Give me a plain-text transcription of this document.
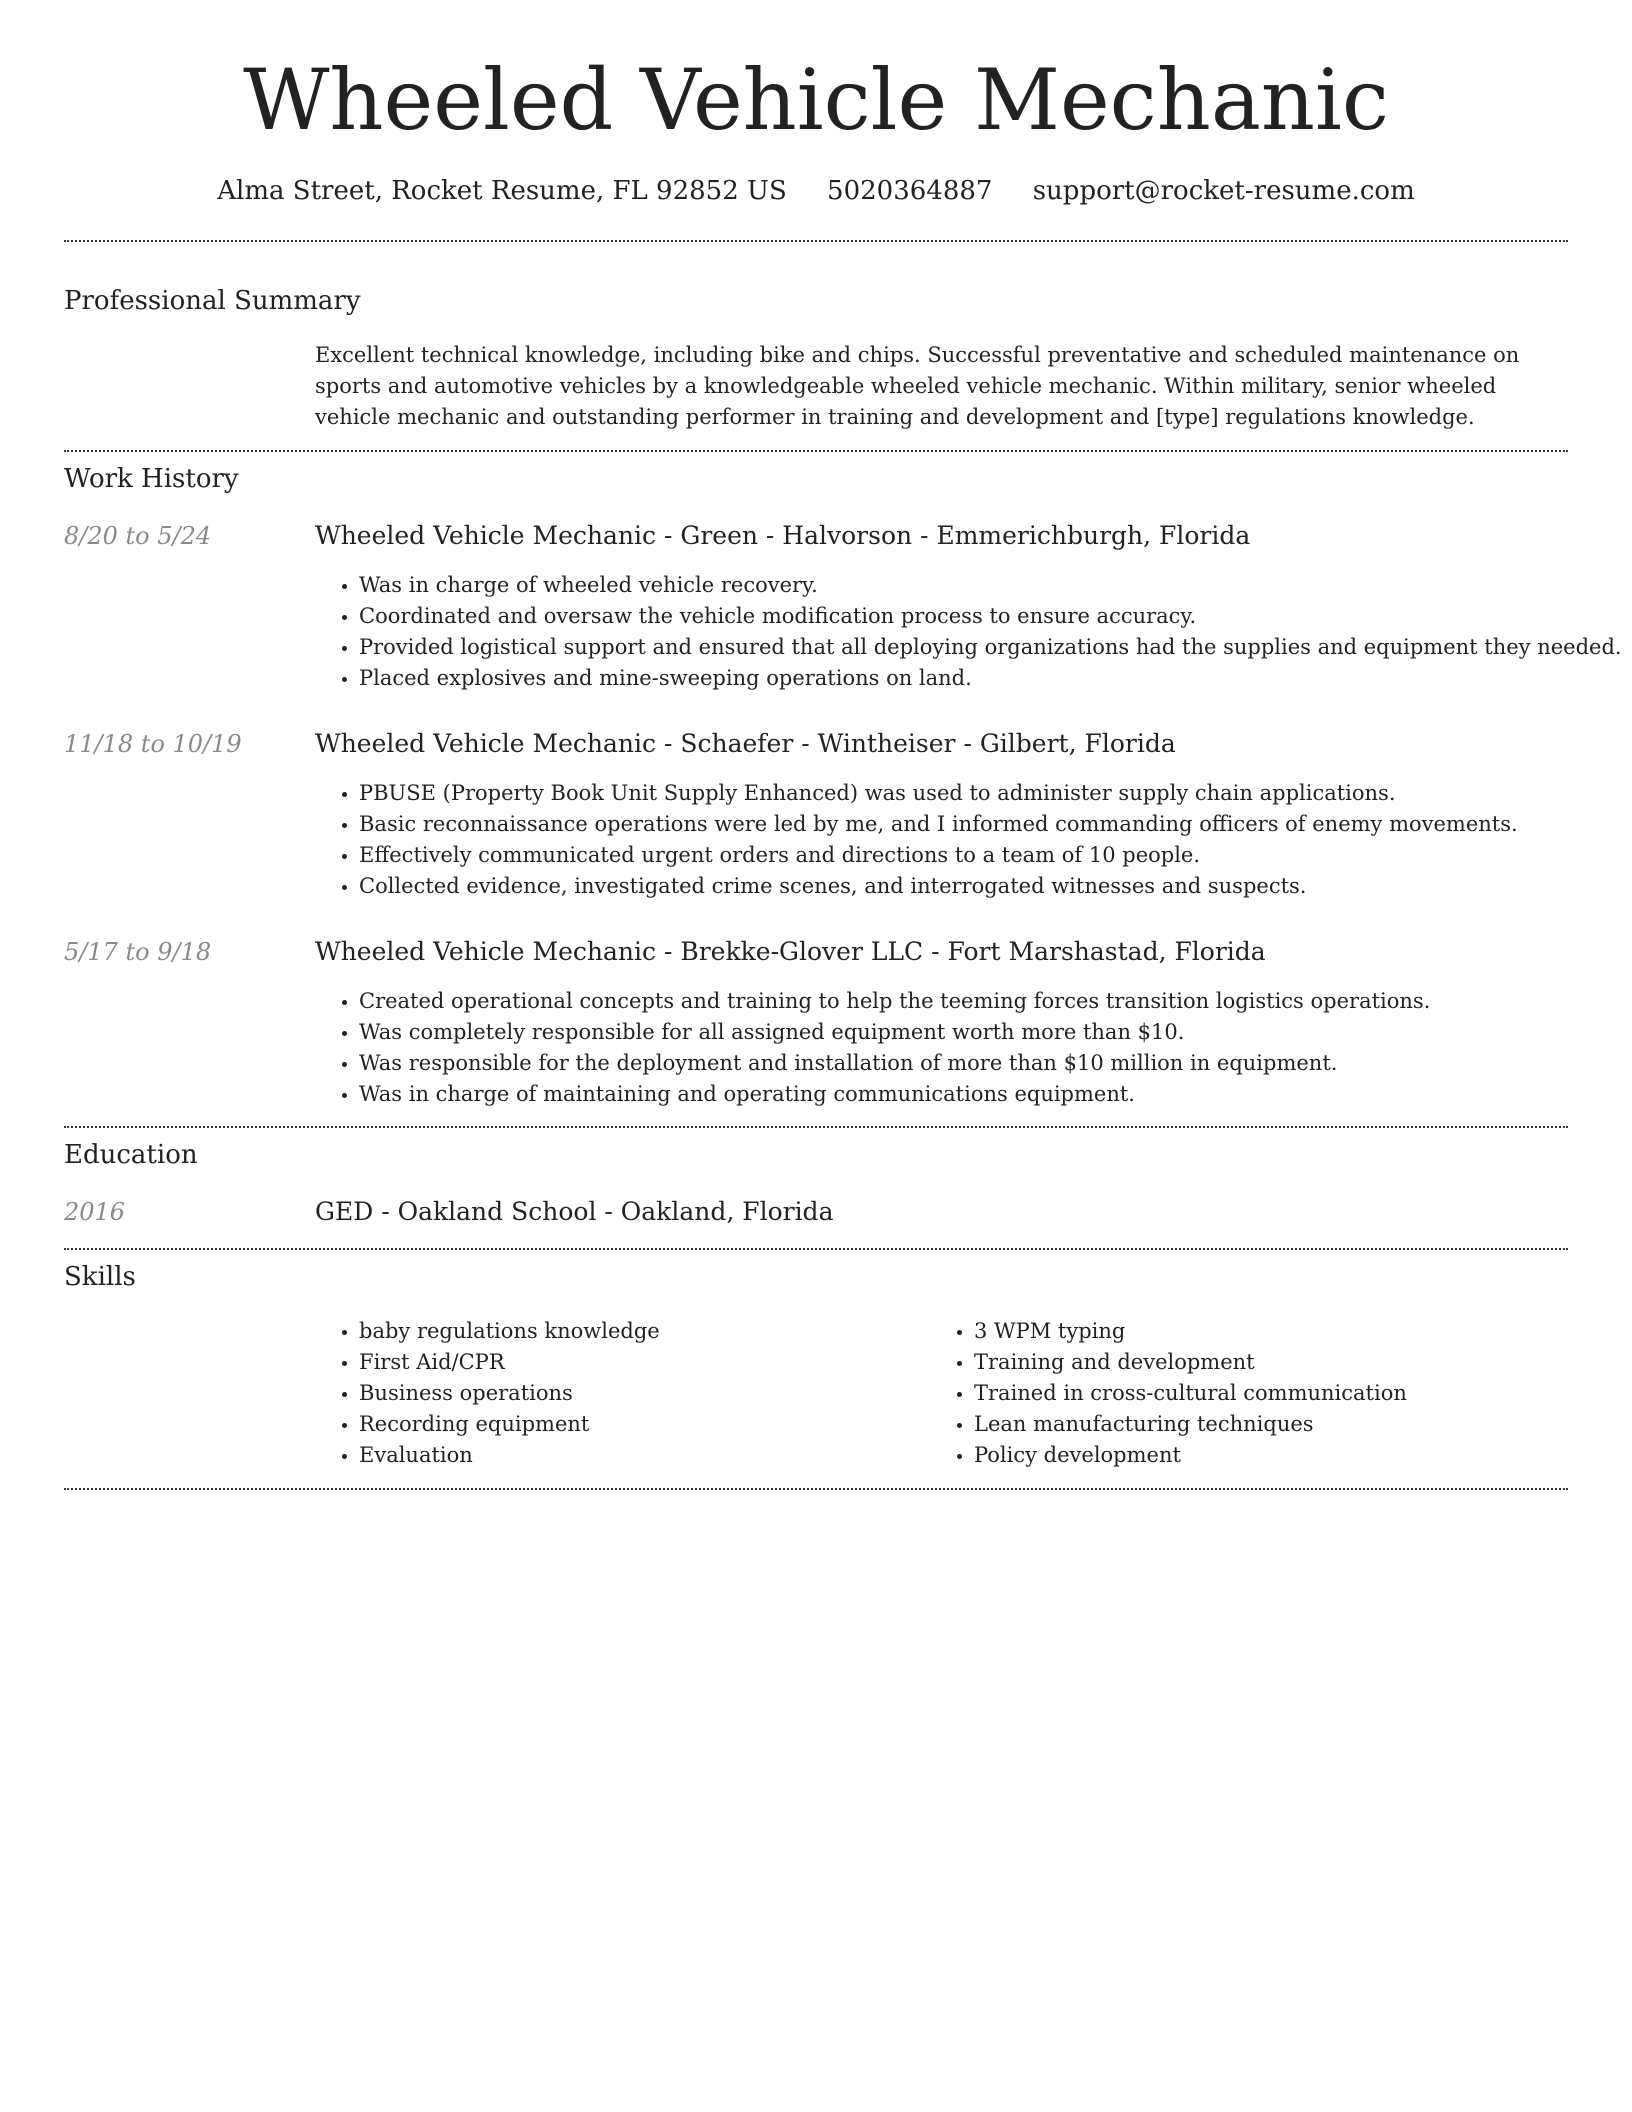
Wheeled Vehicle Mechanic
Alma Street, Rocket Resume, FL 92852 US 5020364887 support@rocket-resume.com
Professional Summary
Excellent technical knowledge, including bike and chips. Successful preventative and scheduled maintenance on sports and automotive vehicles by a knowledgeable wheeled vehicle mechanic. Within military, senior wheeled vehicle mechanic and outstanding performer in training and development and [type] regulations knowledge.
Work History
8/20 to 5/24	Wheeled Vehicle Mechanic - Green - Halvorson - Emmerichburgh, Florida
• Was in charge of wheeled vehicle recovery.
• Coordinated and oversaw the vehicle modification process to ensure accuracy.
• Provided logistical support and ensured that all deploying organizations had the supplies and equipment they needed.
• Placed explosives and mine-sweeping operations on land.
11/18 to 10/19	Wheeled Vehicle Mechanic - Schaefer - Wintheiser - Gilbert, Florida
• PBUSE (Property Book Unit Supply Enhanced) was used to administer supply chain applications.
• Basic reconnaissance operations were led by me, and I informed commanding officers of enemy movements.
• Effectively communicated urgent orders and directions to a team of 10 people.
• Collected evidence, investigated crime scenes, and interrogated witnesses and suspects.
5/17 to 9/18	Wheeled Vehicle Mechanic - Brekke-Glover LLC - Fort Marshastad, Florida
• Created operational concepts and training to help the teeming forces transition logistics operations.
• Was completely responsible for all assigned equipment worth more than $10.
• Was responsible for the deployment and installation of more than $10 million in equipment.
• Was in charge of maintaining and operating communications equipment.
Education
2016	GED - Oakland School - Oakland, Florida
Skills
• baby regulations knowledge
• First Aid/CPR
• Business operations
• Recording equipment
• Evaluation
• 3 WPM typing
• Training and development
• Trained in cross-cultural communication
• Lean manufacturing techniques
• Policy development
